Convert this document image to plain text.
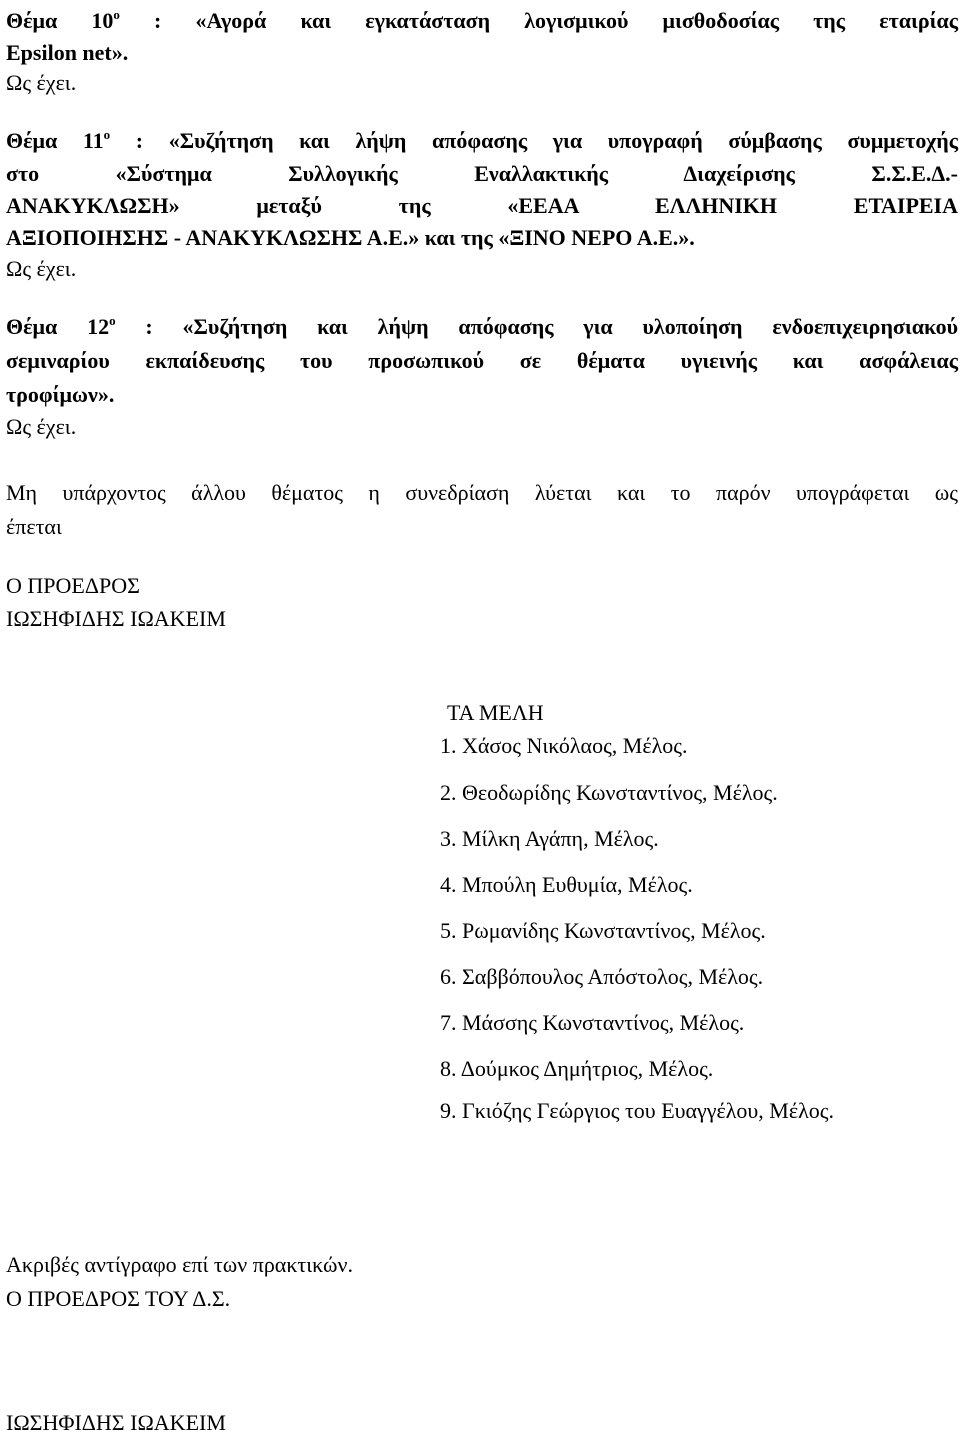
Θέμα $10^o$ : «Αγορά και εγκατάσταση λογισμικού μισθοδοσίας της εταιρίας
Epsilon net».
Ως έχει.
Θέμα $11^o$ : «Συζήτηση και λήψη απόφασης για υπογραφή σύμβασης συμμετοχής
στο «Σύστημα Συλλογικής Εναλλακτικής Διαχείρισης Σ.Σ.Ε.Δ.-
ΑΝΑΚΥΚΛΩΣΗ» μεταξύ της «ΕΕΑΑ ΕΛΛΗΝΙΚΗ ΕΤΑΙΡΕΙΑ
ΑΞΙΟΠΟΙΗΣΗΣ - ΑΝΑΚΥΚΛΩΣΗΣ Α.Ε.» και της «ΞΙΝΟ ΝΕΡΟ Α.Ε.».
Ως έχει.
Θέμα $12^o$ : «Συζήτηση και λήψη απόφασης για υλοποίηση ενδοεπιχειρησιακού
σεμιναρίου εκπαίδευσης του προσωπικού σε θέματα υγιεινής και ασφάλειας
τροφίμων».
Ως έχει.
Μη υπάρχοντος άλλου θέματος η συνεδρίαση λύεται και το παρόν υπογράφεται ως
έπεται
Ο ΠΡΟΕΔΡΟΣ
ΙΩΣΗΦΙΔΗΣ ΙΩΑΚΕΙΜ
ΤΑ ΜΕΛΗ
1. Χάσος Νικόλαος, Μέλος.
2. Θεοδωρίδης Κωνσταντίνος, Μέλος.
3. Μίλκη Αγάπη, Μέλος.
4. Μπούλη Ευθυμία, Μέλος.
5. Ρωμανίδης Κωνσταντίνος, Μέλος.
6. Σαββόπουλος Απόστολος, Μέλος.
7. Μάσσης Κωνσταντίνος, Μέλος.
8. Δούμκος Δημήτριος, Μέλος.
9. Γκιόζης Γεώργιος του Ευαγγέλου, Μέλος.
Ακριβές αντίγραφο επί των πρακτικών.
Ο ΠΡΟΕΔΡΟΣ ΤΟΥ Δ.Σ.
ΙΩΣΗΦΙΔΗΣ ΙΩΑΚΕΙΜ
